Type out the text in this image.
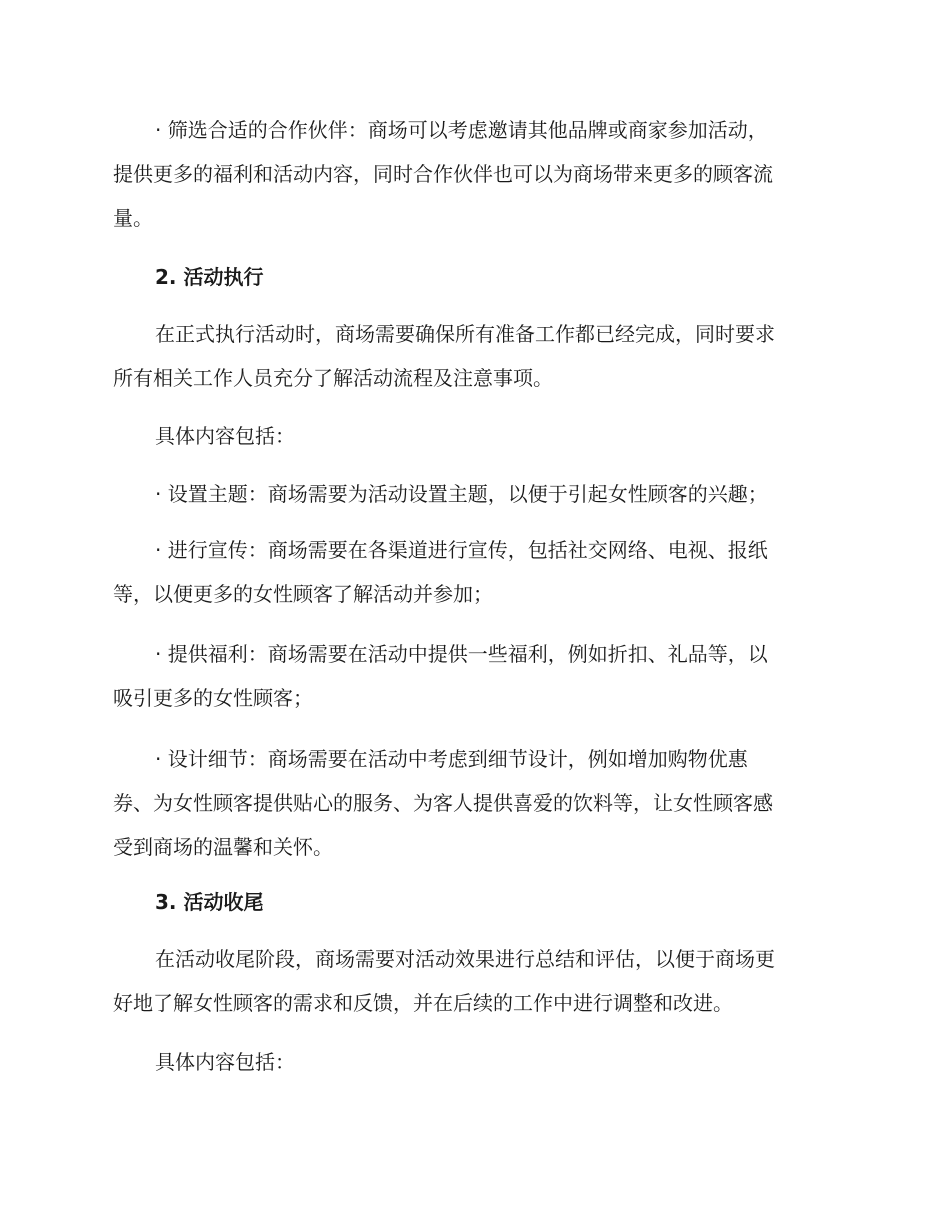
· 筛选合适的合作伙伴：商场可以考虑邀请其他品牌或商家参加活动，
提供更多的福利和活动内容，同时合作伙伴也可以为商场带来更多的顾客流
量。

2. 活动执行

在正式执行活动时，商场需要确保所有准备工作都已经完成，同时要求
所有相关工作人员充分了解活动流程及注意事项。

具体内容包括：

· 设置主题：商场需要为活动设置主题，以便于引起女性顾客的兴趣；

· 进行宣传：商场需要在各渠道进行宣传，包括社交网络、电视、报纸
等，以便更多的女性顾客了解活动并参加；

· 提供福利：商场需要在活动中提供一些福利，例如折扣、礼品等，以
吸引更多的女性顾客；

· 设计细节：商场需要在活动中考虑到细节设计，例如增加购物优惠
券、为女性顾客提供贴心的服务、为客人提供喜爱的饮料等，让女性顾客感
受到商场的温馨和关怀。

3. 活动收尾

在活动收尾阶段，商场需要对活动效果进行总结和评估，以便于商场更
好地了解女性顾客的需求和反馈，并在后续的工作中进行调整和改进。

具体内容包括：
